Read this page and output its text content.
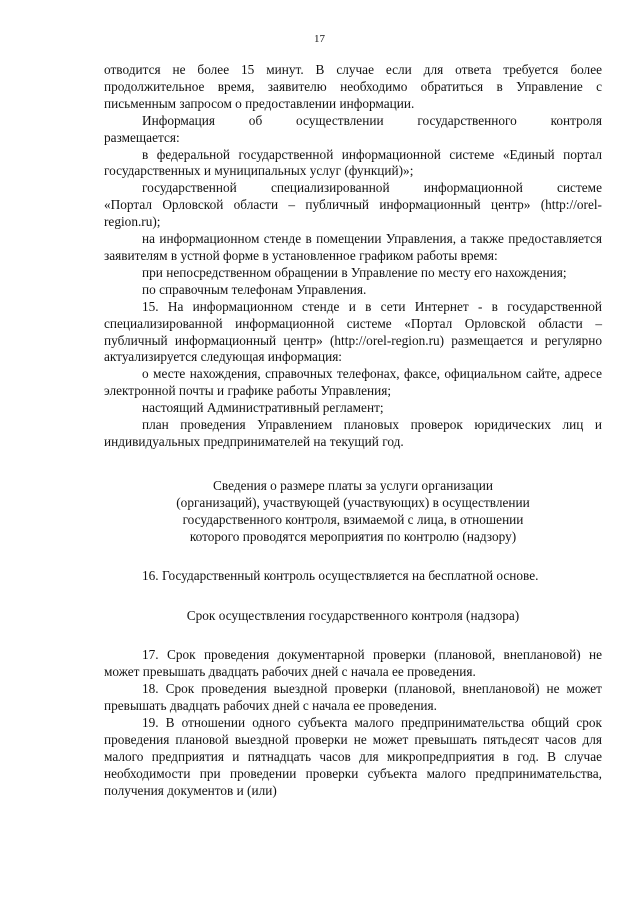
17

отводится не более 15 минут. В случае если для ответа требуется более продолжительное время, заявителю необходимо обратиться в Управление с письменным запросом о предоставлении информации.

Информация об осуществлении государственного контроля

размещается:

в федеральной государственной информационной системе «Единый портал государственных и муниципальных услуг (функций)»;

государственной специализированной информационной системе

«Портал Орловской области – публичный информационный центр» (http://orel-region.ru);

на информационном стенде в помещении Управления, а также предоставляется заявителям в устной форме в установленное графиком работы время:

при непосредственном обращении в Управление по месту его нахождения;

по справочным телефонам Управления.

15. На информационном стенде и в сети Интернет - в государственной специализированной информационной системе «Портал Орловской области – публичный информационный центр» (http://orel-region.ru) размещается и регулярно актуализируется следующая информация:

о месте нахождения, справочных телефонах, факсе, официальном сайте, адресе электронной почты и графике работы Управления;

настоящий Административный регламент;

план проведения Управлением плановых проверок юридических лиц и индивидуальных предпринимателей на текущий год.

Сведения о размере платы за услуги организации

(организаций), участвующей (участвующих) в осуществлении

государственного контроля, взимаемой с лица, в отношении

которого проводятся мероприятия по контролю (надзору)

16. Государственный контроль осуществляется на бесплатной основе.

Срок осуществления государственного контроля (надзора)

17. Срок проведения документарной проверки (плановой, внеплановой) не может превышать двадцать рабочих дней с начала ее проведения.

18. Срок проведения выездной проверки (плановой, внеплановой) не может превышать двадцать рабочих дней с начала ее проведения.

19. В отношении одного субъекта малого предпринимательства общий срок проведения плановой выездной проверки не может превышать пятьдесят часов для малого предприятия и пятнадцать часов для микропредприятия в год. В случае необходимости при проведении проверки субъекта малого предпринимательства, получения документов и (или)
